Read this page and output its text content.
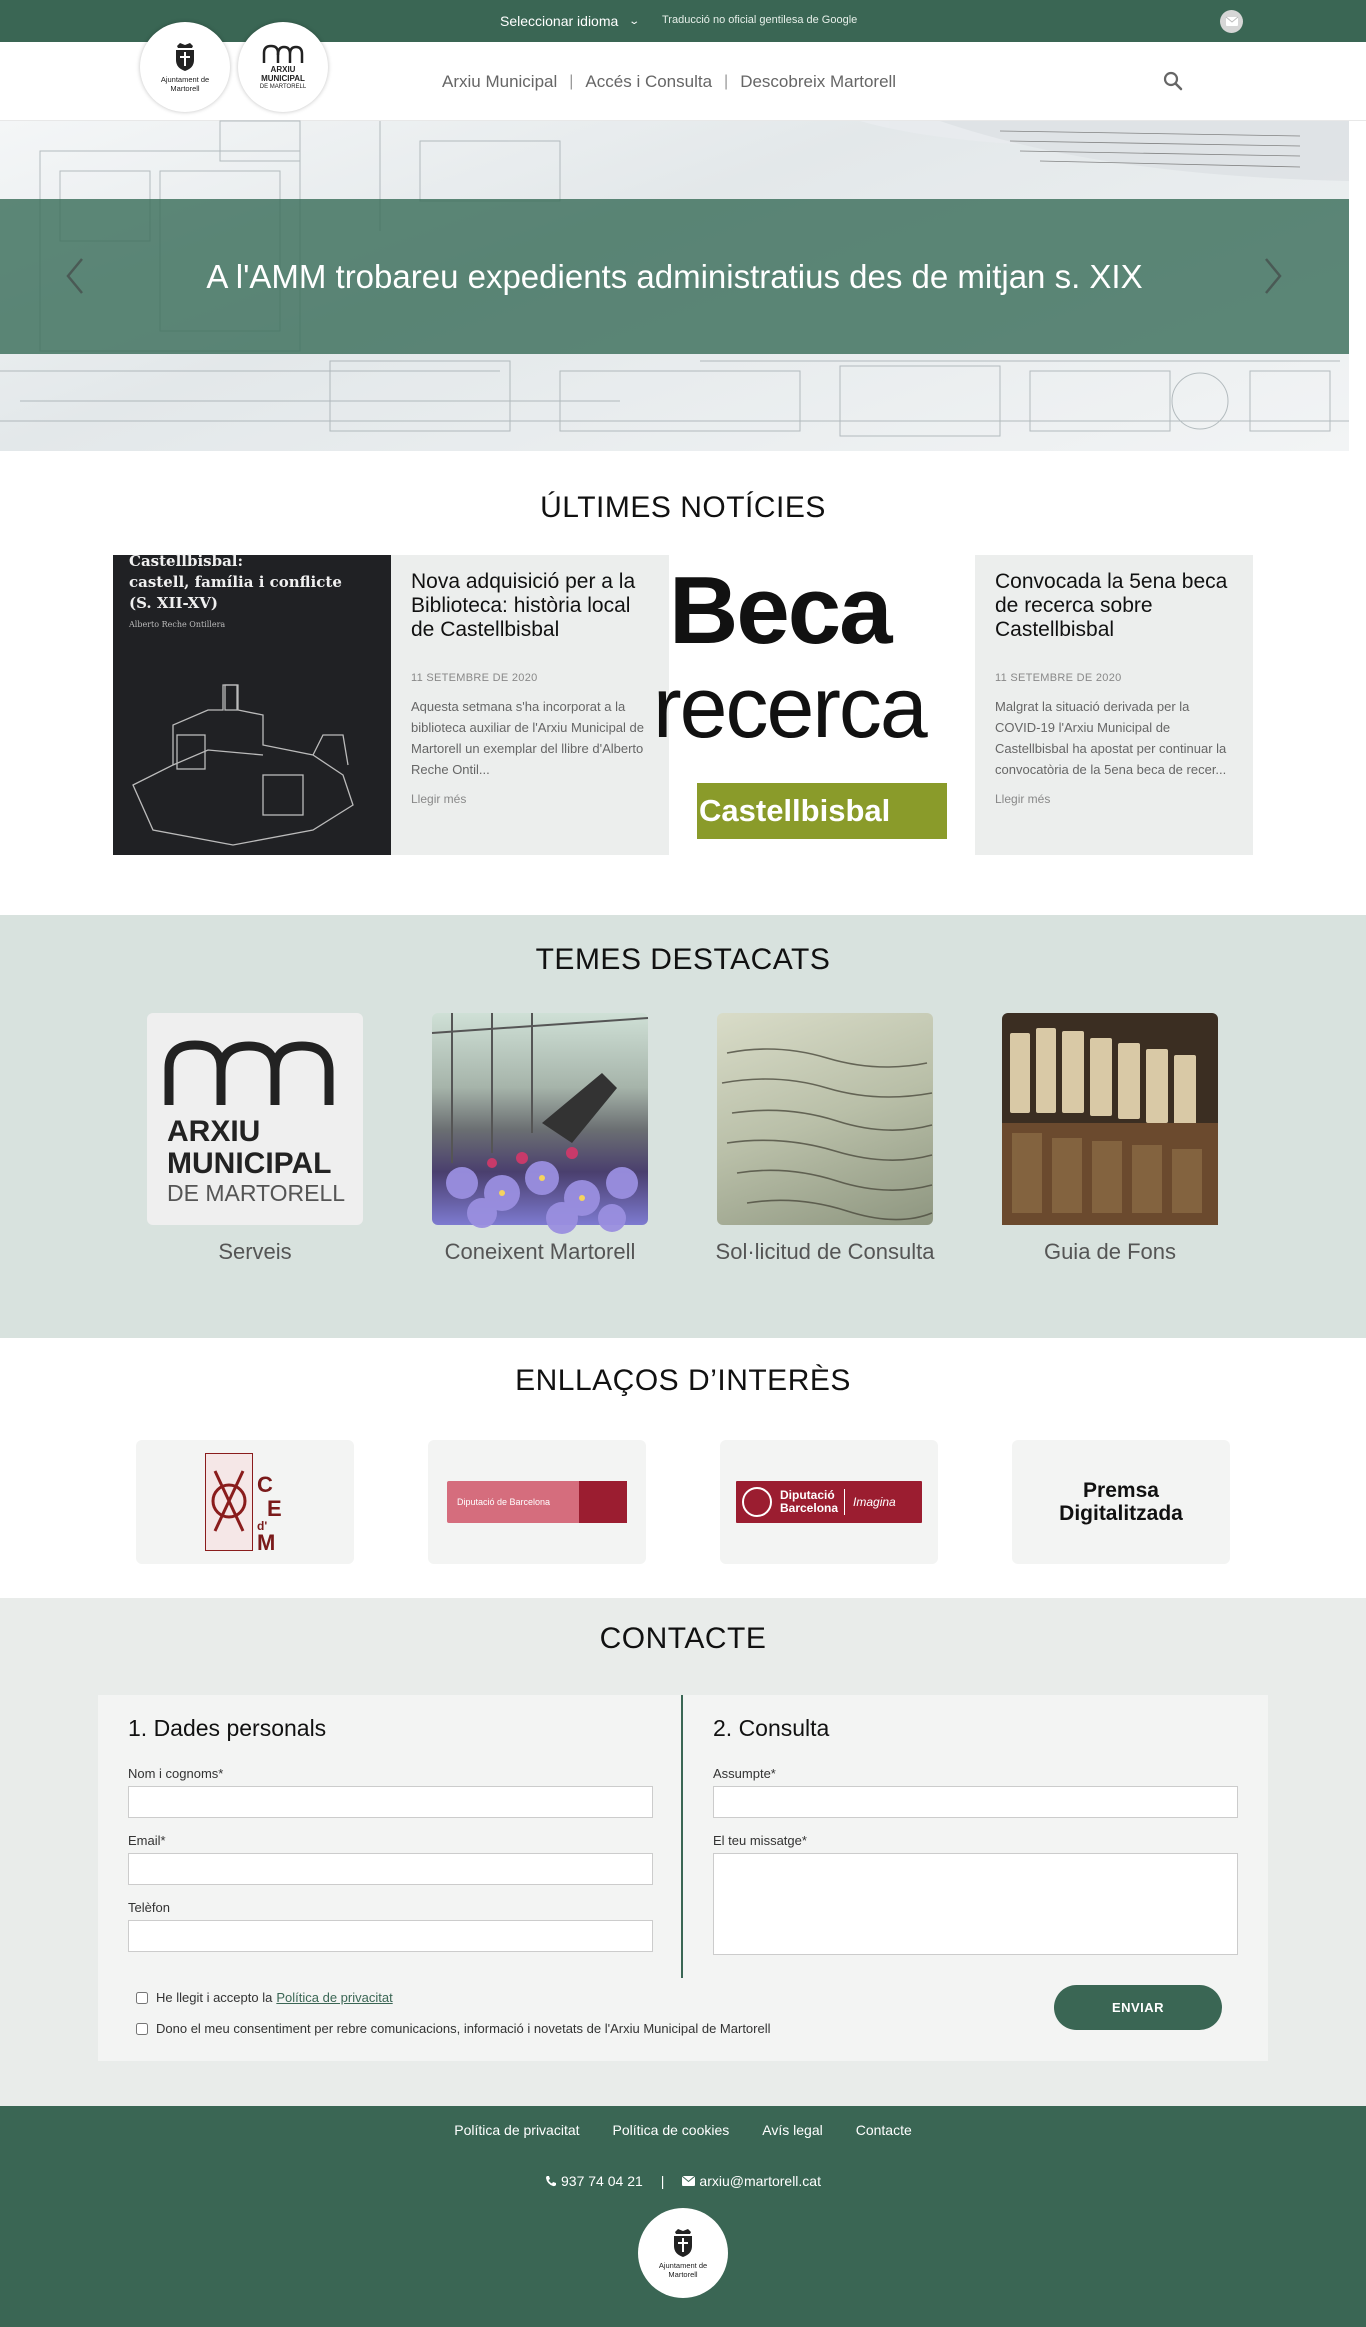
Seleccionar idioma ⌄ Traducció no oficial gentilesa de Google
Ajuntament de Martorell
ARXIU
MUNICIPAL
DE MARTORELL	Arxiu Municipal | Accés i Consulta | Descobreix Martorell
A l'AMM trobareu expedients administratius des de mitjan s. XIX
ÚLTIMES NOTÍCIES
Castellbisbal:
castell, família i conflicte
(S. XII-XV)
Alberto Reche Ontillera
Nova adquisició per a la Biblioteca: història local de Castellbisbal
11 SETEMBRE DE 2020
Aquesta setmana s'ha incorporat a la biblioteca auxiliar de l'Arxiu Municipal de Martorell un exemplar del llibre d'Alberto Reche Ontil...
Llegir més
Beca
recerca
Castellbisbal
Convocada la 5ena beca de recerca sobre Castellbisbal
11 SETEMBRE DE 2020
Malgrat la situació derivada per la COVID-19 l'Arxiu Municipal de Castellbisbal ha apostat per continuar la convocatòria de la 5ena beca de recer...
Llegir més
TEMES DESTACATS
ARXIU
MUNICIPAL
DE MARTORELL
Serveis	Coneixent Martorell	Sol·licitud de Consulta	Guia de Fons
ENLLAÇOS D’INTERÈS
C
E
d'
M
Diputació de Barcelona	Diputació
Barcelona Imagina	Premsa
Digitalitzada
CONTACTE
1. Dades personals
Nom i cognoms*
Email*
Telèfon
2. Consulta
Assumpte*
El teu missatge*
He llegit i accepto la Política de privacitat
Dono el meu consentiment per rebre comunicacions, informació i novetats de l'Arxiu Municipal de Martorell
ENVIAR
Política de privacitat Política de cookies Avís legal Contacte
937 74 04 21 |	arxiu@martorell.cat
Ajuntament de Martorell
